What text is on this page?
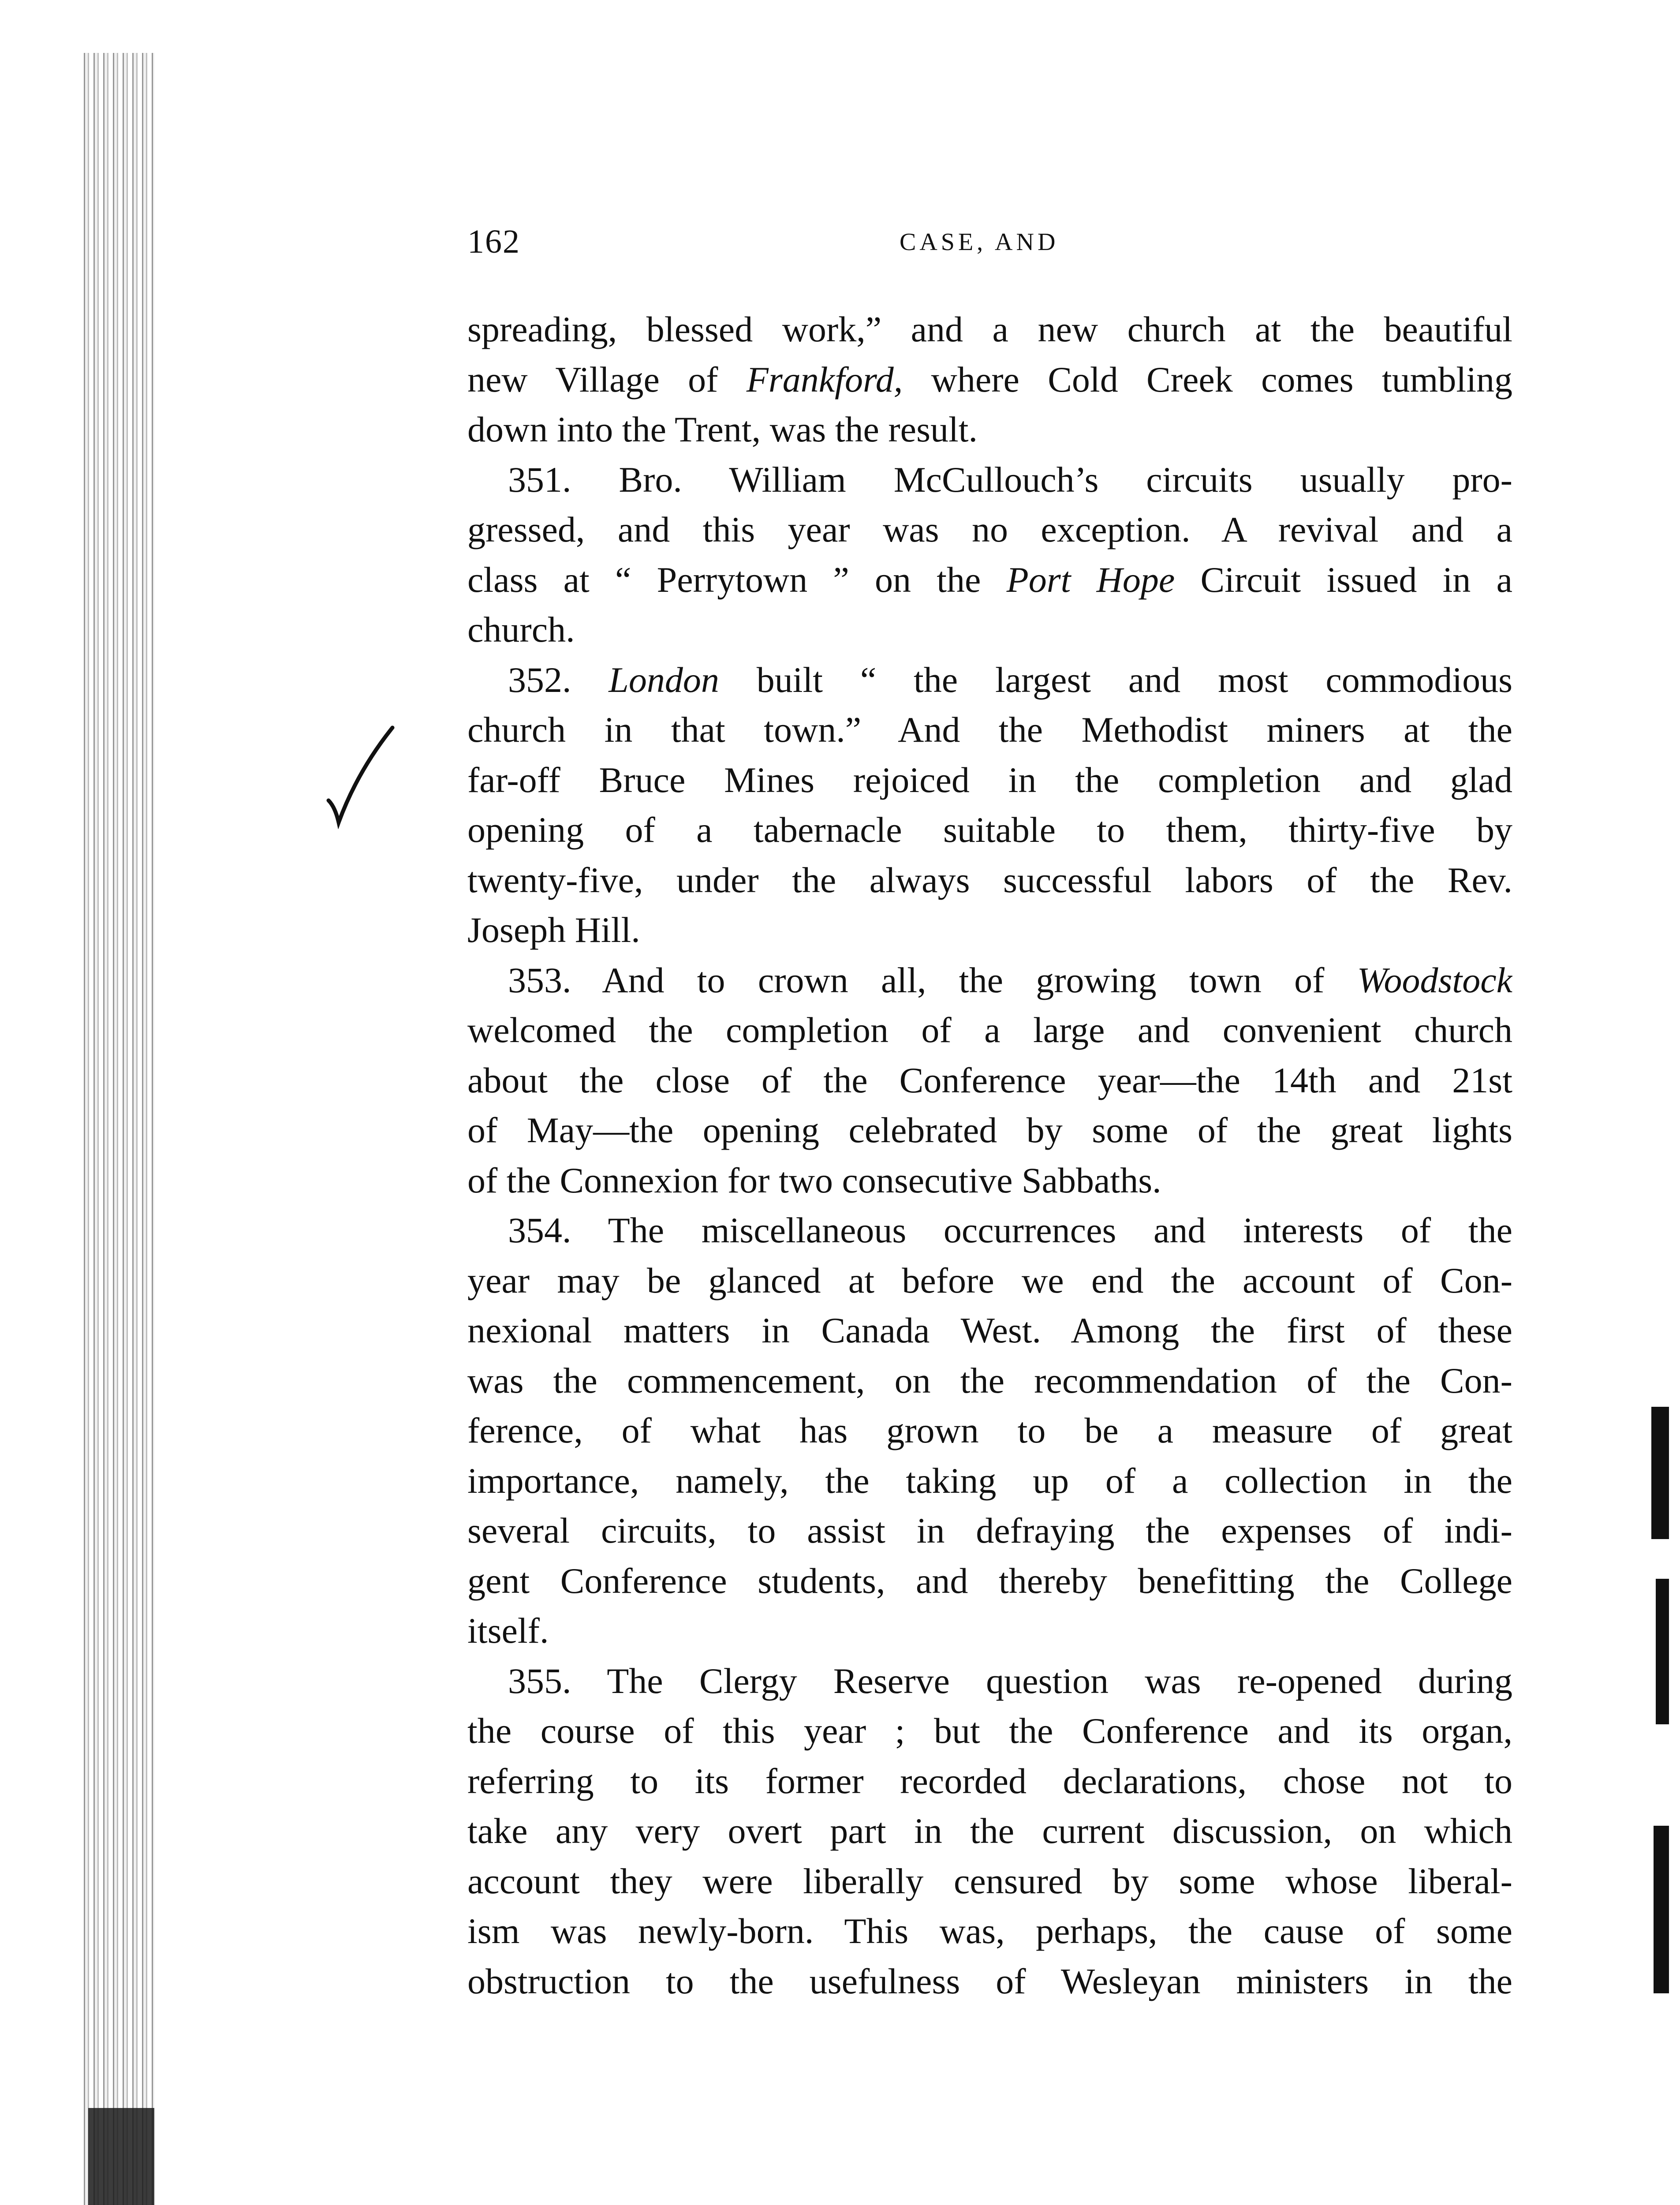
162	CASE, AND
spreading, blessed work,” and a new church at the beautiful
new Village of Frankford, where Cold Creek comes tumbling
down into the Trent, was the result.
351. Bro. William McCullouch’s circuits usually pro-
gressed, and this year was no exception. A revival and a
class at “ Perrytown ” on the Port Hope Circuit issued in a
church.
352. London built “ the largest and most commodious
church in that town.” And the Methodist miners at the
far-off Bruce Mines rejoiced in the completion and glad
opening of a tabernacle suitable to them, thirty-five by
twenty-five, under the always successful labors of the Rev.
Joseph Hill.
353. And to crown all, the growing town of Woodstock
welcomed the completion of a large and convenient church
about the close of the Conference year—the 14th and 21st
of May—the opening celebrated by some of the great lights
of the Connexion for two consecutive Sabbaths.
354. The miscellaneous occurrences and interests of the
year may be glanced at before we end the account of Con-
nexional matters in Canada West. Among the first of these
was the commencement, on the recommendation of the Con-
ference, of what has grown to be a measure of great
importance, namely, the taking up of a collection in the
several circuits, to assist in defraying the expenses of indi-
gent Conference students, and thereby benefitting the College
itself.
355. The Clergy Reserve question was re-opened during
the course of this year ; but the Conference and its organ,
referring to its former recorded declarations, chose not to
take any very overt part in the current discussion, on which
account they were liberally censured by some whose liberal-
ism was newly-born. This was, perhaps, the cause of some
obstruction to the usefulness of Wesleyan ministers in the
